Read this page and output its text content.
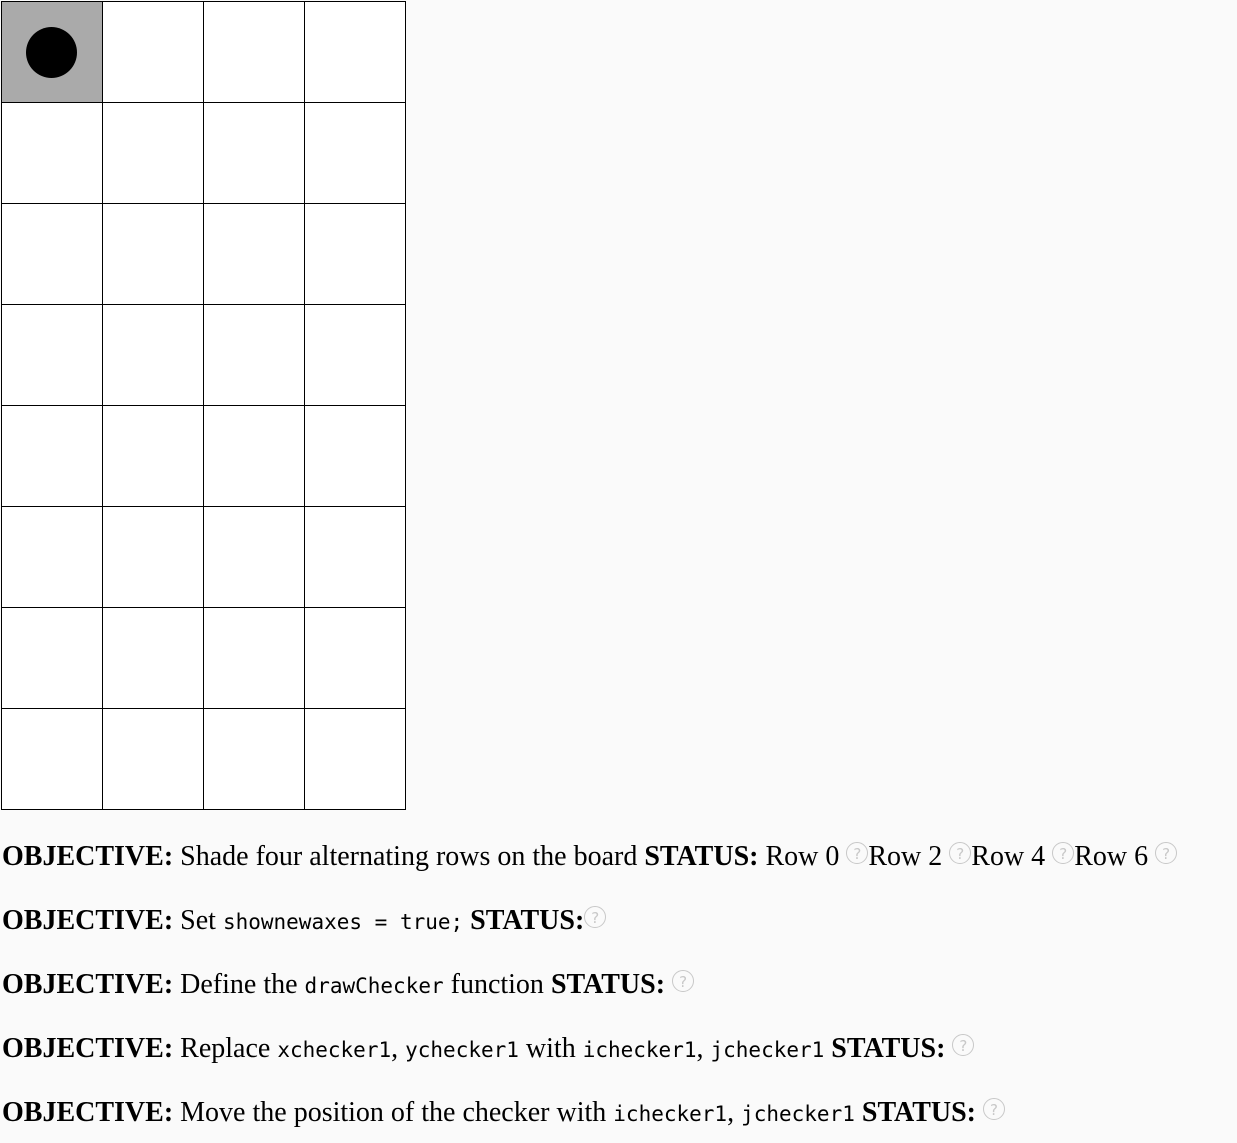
OBJECTIVE: Shade four alternating rows on the board STATUS: Row 0 ? Row 2 ? Row 4 ? Row 6 ?
OBJECTIVE: Set shownewaxes = true; STATUS: ?
OBJECTIVE: Define the drawChecker function STATUS: ?
OBJECTIVE: Replace xchecker1, ychecker1 with ichecker1, jchecker1 STATUS: ?
OBJECTIVE: Move the position of the checker with ichecker1, jchecker1 STATUS: ?
